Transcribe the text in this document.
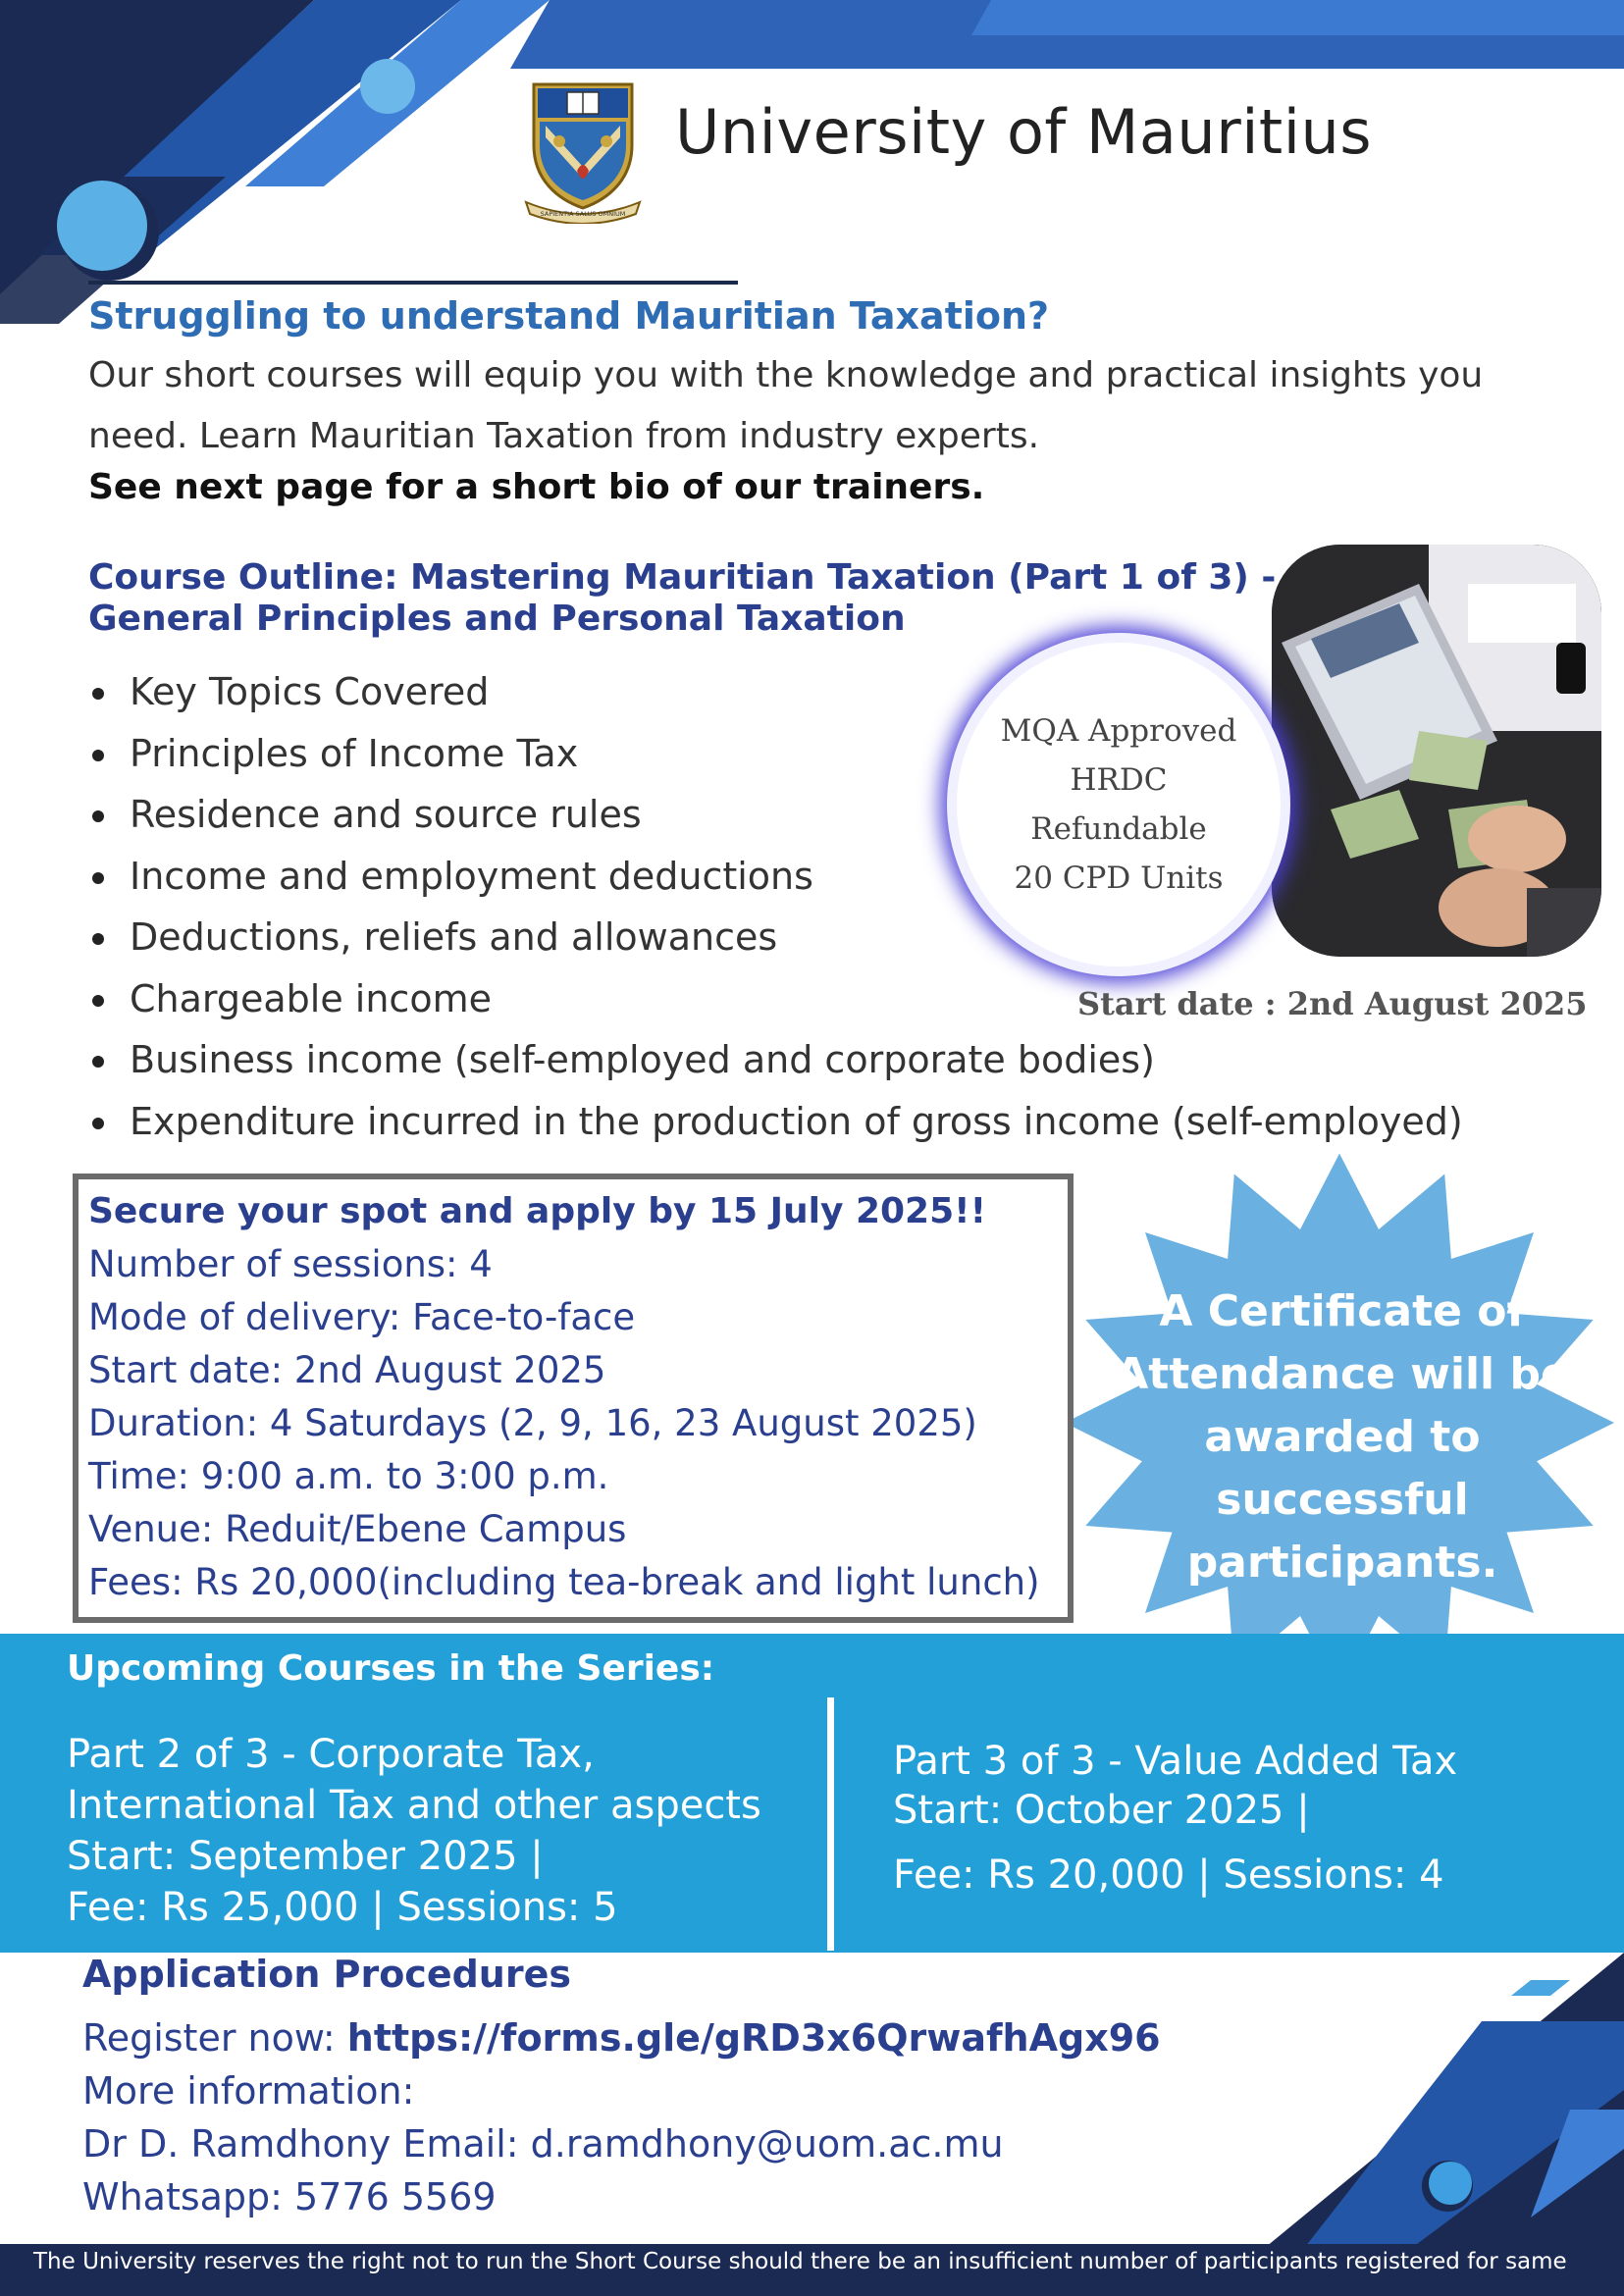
University of Mauritius
SAPIENTIA SALUS OMNIUM
Struggling to understand Mauritian Taxation?
Our short courses will equip you with the knowledge and practical insights you need. Learn Mauritian Taxation from industry experts.
See next page for a short bio of our trainers.
Course Outline: Mastering Mauritian Taxation (Part 1 of 3) - General Principles and Personal Taxation
Key Topics Covered
Principles of Income Tax
Residence and source rules
Income and employment deductions
Deductions, reliefs and allowances
Chargeable income
Business income (self-employed and corporate bodies)
Expenditure incurred in the production of gross income (self-employed)
MQA Approved
HRDC
Refundable
20 CPD Units
Start date : 2nd August 2025
Secure your spot and apply by 15 July 2025!!
Number of sessions: 4
Mode of delivery: Face-to-face
Start date: 2nd August 2025
Duration: 4 Saturdays (2, 9, 16, 23 August 2025)
Time: 9:00 a.m. to 3:00 p.m.
Venue: Reduit/Ebene Campus
Fees: Rs 20,000(including tea-break and light lunch)
A Certificate of
Attendance will be
awarded to
successful
participants.
Upcoming Courses in the Series:
Part 2 of 3 - Corporate Tax,
International Tax and other aspects
Start: September 2025 |
Fee: Rs 25,000 | Sessions: 5
Part 3 of 3 - Value Added Tax
Start: October 2025 |
Fee: Rs 20,000 | Sessions: 4
Application Procedures
Register now: https://forms.gle/gRD3x6QrwafhAgx96
More information:
Dr D. Ramdhony Email: d.ramdhony@uom.ac.mu
Whatsapp: 5776 5569
The University reserves the right not to run the Short Course should there be an insufficient number of participants registered for same
